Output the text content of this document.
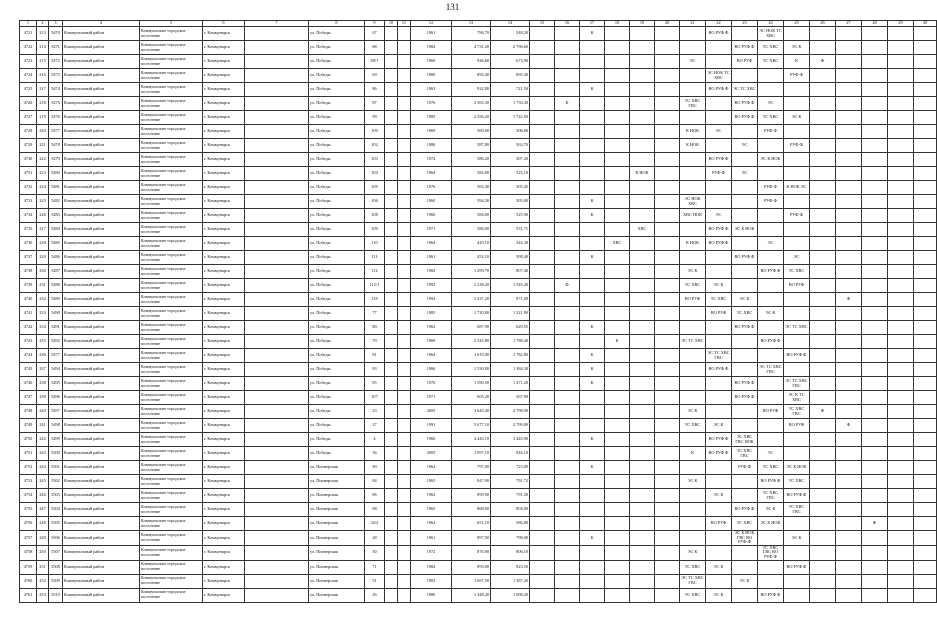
131
1	2	3	4	5	6	7	8	9	10	11	12	13	14	15	16	17	18	19	20	21	22	23	24	25	26	27	28	29	30
4721	213	5470	Коммунальный район	Коммунально-городское поселение	г. Коммунарск		ул. Победы	67			1961	796,70	548,20			К					ВО РУФ Ф		ЭС НОК ТС ХВС						
4722	214	5471	Коммунальный район	Коммунально-городское поселение	г. Коммунарск		ул. Победы	68			1984	4 731,20	2 796,60									ВО РУФ Ф	ТС ХВС	ЭС К					
4723	215	5472	Коммунальный район	Коммунально-городское поселение	г. Коммунарск		ул. Победы	68/1			1960	946,60	673,90							ЭС		ВО РУФ	ТС ХВС	К	Ф				
4724	216	5473	Коммунальный район	Коммунально-городское поселение	г. Коммунарск		ул. Победы	69			1980	895,40	895,40								ЭС НОК ТС ХВС			РУФ Ф					
4725	217	5474	Коммунальный район	Коммунально-городское поселение	г. Коммунарск		ул. Победы	86			1963	922,80	721,50			К					ВО РУФ Ф	ЭС ТС ХВС							
4726	218	5475	Коммунальный район	Коммунально-городское поселение	г. Коммунарск		ул. Победы	87			1976	2 563,30	1 750,30		К					ТС ХВС ГВС		ВО РУФ Ф	ЭС						
4727	219	5476	Коммунальный район	Коммунально-городское поселение	г. Коммунарск		ул. Победы	99			1985	2 356,20	1 722,50									ВО РУФ Ф	ТС ХВС	ЭС К					
4728	220	5477	Коммунальный район	Коммунально-городское поселение	г. Коммунарск		ул. Победы	100			1969	569,00	506,80							К НОК	ЭС		РУФ Ф						
4729	221	5478	Коммунальный район	Коммунально-городское поселение	г. Коммунарск		ул. Победы	102			1986	587,80	563,70							К НОК		ЭС		РУФ Ф					
4730	222	5479	Коммунальный район	Коммунально-городское поселение	г. Коммунарск		ул. Победы	103			1972	586,20	507,20								ВО РУФ Ф		ЭС К НОК						
4731	223	5480	Коммунальный район	Коммунально-городское поселение	г. Коммунарск		ул. Победы	104			1964	582,80	525,10					К НОК			РУФ Ф	ЭС							
4732	224	5481	Коммунальный район	Коммунально-городское поселение	г. Коммунарск		ул. Победы	105			1976	563,40	505,45										РУФ Ф	К НОК ЭС					
4733	225	5482	Коммунальный район	Коммунально-городское поселение	г. Коммунарск		ул. Победы	106			1960	594,30	505,00			К				ЭС НОК ХВС			РУФ Ф						
4734	226	5483	Коммунальный район	Коммунально-городское поселение	г. Коммунарск		ул. Победы	108			1960	584,80	525,90			К				ХВС НОК	ЭС			РУФ Ф					
4735	227	5484	Коммунальный район	Коммунально-городское поселение	г. Коммунарск		ул. Победы	109			1971	586,00	531,71					ХВС			ВО РУФ Ф	ЭС К НОК							
4736	228	5485	Коммунальный район	Коммунально-городское поселение	г. Коммунарск		ул. Победы	110			1964	429,10	344,30				ХВС			К НОК	ВО РУФ Ф		ЭС						
4737	229	5486	Коммунальный район	Коммунально-городское поселение	г. Коммунарск		ул. Победы	111			1961	452,10	398,40			К						ВО РУФ Ф		ЭС					
4738	230	5487	Коммунальный район	Коммунально-городское поселение	г. Коммунарск		ул. Победы	112			1982	1 299,70	807,40							ЭС К			ВО РУФ Ф	ТС ХВС					
4739	231	5488	Коммунальный район	Коммунально-городское поселение	г. Коммунарск		ул. Победы	112/1			1992	2 238,20	1 545,20		Ф					ТС ХВС	ЭС К			ВО РУФ					
4740	232	5489	Коммунальный район	Коммунально-городское поселение	г. Коммунарск		ул. Победы	135			1994	1 237,20	871,00							ВО РУФ	ТС ХВС	ЭС К				Ф			
4741	233	5490	Коммунальный район	Коммунально-городское поселение	г. Коммунарск		ул. Победы	77			1985	1 720,80	1 321,90								ВО РУФ	ТС ХВС	ЭС К						
4742	234	5491	Коммунальный район	Коммунально-городское поселение	г. Коммунарск		ул. Победы	80			1962	687,90	629,55			К						ВО РУФ Ф		ЭС ТС ХВС					
4743	235	5492	Коммунальный район	Коммунально-городское поселение	г. Коммунарск		ул. Победы	79			1969	2 345,80	1 788,40				К			ЭС ТС ХВС			ВО РУФ Ф						
4744	236	5477	Коммунальный район	Коммунально-городское поселение	г. Коммунарск		ул. Победы	81			1964	1 619,00	1 782,80			К					ЭС ТС ХВС ГВС			ВО РУФ Ф					
4745	237	5494	Коммунальный район	Коммунально-городское поселение	г. Коммунарск		ул. Победы	83			1966	1 530,80	1 384,30			К					ВО РУФ Ф		ЭС ТС ХВС ГВС						
4746	238	5495	Коммунальный район	Коммунально-городское поселение	г. Коммунарск		ул. Победы	85			1970	1 590,50	1 471,20			К						ВО РУФ Ф		ЭС ТС ХВС ГВС					
4747	239	5496	Коммунальный район	Коммунально-городское поселение	г. Коммунарск		ул. Победы	107			1971	605,20	567,90									ВО РУФ Ф		ЭС К ТС ХВС					
4748	240	5497	Коммунальный район	Коммунально-городское поселение	г. Коммунарск		ул. Победы	23			2005	3 645,40	2 798,90							ЭС К			ВО РУФ	ТС ХВС ГВС	Ф				
4749	241	5498	Коммунальный район	Коммунально-городское поселение	г. Коммунарск		ул. Победы	27			1991	5 677,10	2 799,00							ТС ХВС	ЭС К			ВО РУФ		Ф			
4750	242	5499	Коммунальный район	Коммунально-городское поселение	г. Коммунарск		ул. Победы	4			1960	4 445,10	3 445,90			К					ВО РУФ Ф	ЭС ХВС ГВС НОК							
4751	243	5500	Коммунальный район	Коммунально-городское поселение	г. Коммунарск		ул. Победы	36			2005	1 097,10	844,10							К	ВО РУФ Ф	ТС ХВС ГВС	ЭС						
4752	244	5501	Коммунальный район	Коммунально-городское поселение	г. Коммунарск		ул. Пионерская	90			1962	797,00	723,00			К						РУФ Ф	ТС ХВС	ЭС К НОК					
4753	245	5502	Коммунальный район	Коммунально-городское поселение	г. Коммунарск		ул. Пионерская	84			1965	847,90	791,72							ЭС К			ВО РУФ Ф	ТС ХВС					
4754	246	5503	Коммунальный район	Коммунально-городское поселение	г. Коммунарск		ул. Пионерская	86			1962	899,90	791,50								ЭС К		ТС ХВС ГВС	ВО РУФ Ф					
4755	247	5504	Коммунальный район	Коммунально-городское поселение	г. Коммунарск		ул. Пионерская	88			1965	868,60	804,00									ВО РУФ Ф	ЭС К	ТС ХВС ГВС					
4756	248	5505	Коммунальный район	Коммунально-городское поселение	г. Коммунарск		ул. Пионерская	32/2			1962	651,10	586,80								ВО РУФ	ТС ХВС	ЭС К НОК				Ф		
4757	249	5506	Коммунальный район	Коммунально-городское поселение	г. Коммунарск		ул. Пионерская	28			1961	897,90	798,00			К						ЭС К НОК ГВС ВО РУФ Ф		ЭС К					
4758	250	5507	Коммунальный район	Коммунально-городское поселение	г. Коммунарск		ул. Пионерская	30			1972	876,90	806,10							ЭС К			ТС ХВС ГВС ВО РУФ Ф						
4759	251	5508	Коммунальный район	Коммунально-городское поселение	г. Коммунарск		ул. Пионерская	71			1984	893,00	823,50							ТС ХВС	ЭС К			ВО РУФ Ф					
4760	252	5509	Коммунальный район	Коммунально-городское поселение	г. Коммунарск		ул. Пионерская	51			1983	1 697,50	1 387,20							ЭС ТС ХВС ГВС		ЭС К							
4761	253	5510	Коммунальный район	Коммунально-городское поселение	г. Коммунарск		ул. Пионерская	26			1986	1 348,20	1 098,20							ТС ХВС	ЭС К		ВО РУФ Ф						
